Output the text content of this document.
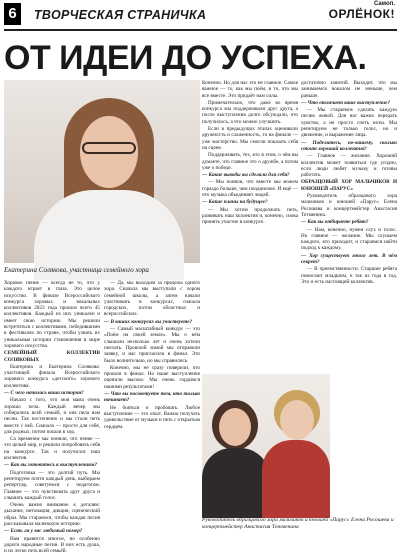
6	ТВОРЧЕСКАЯ СТРАНИЧКА
Самоп.
ОРЛЁНОК!
ОТ ИДЕИ ДО УСПЕХА.
Екатерина Солякова, участница семейного хора

Хоровое пение — всегда не то, что у каждого играет в глаза. Это целое искусство. В финале Всероссийского конкурса хоровых и вокальных коллективов 2023 года прошло всего 45 коллективов. Каждый из них уникален и имеет свою историю. Мы решили встретиться с коллективами, победившими в фестивалях по стране, чтобы узнать их уникальные истории становления в мире хорового искусства.

СЕМЕЙНЫЙ КОЛЛЕКТИВ СОЛЯКОВЫХ

Екатерина и Екатерина Солякова: участницей финала Всероссийского хорового конкурса «детского» хорового коллектива.

— С чего началась ваша история?

Начало с того, что моя мама очень хорошо пела. Каждый вечер мы собирались всей семьёй, и она пела нам песни. Так постепенно и мы стали петь вместе с ней. Сначала — просто для себя, для родных, потом пошли в хор.

Со временем мы поняли, что пение — это целый мир, и решили попробовать себя на конкурсе. Так и получился наш коллектив.

— Как вы готовитесь к выступлениям?

Подготовка — это долгий путь. Мы репетируем почти каждый день, выбираем репертуар, советуемся с педагогом. Главное — это чувствовать друг друга и слышать каждый голос.

Очень важно внимание к деталям: дыхание, интонация, дикция, сценический образ. Мы стараемся, чтобы каждая песня рассказывала маленькую историю.

— Есть ли у вас любимый номер?

Нам нравится многое, но особенно дороги народные песни. В них есть душа, и их легко петь всей семьёй.

— Да, мы выходим за пределы одного хора. Сначала мы выступали с хором семейной школы, а затем начали участвовать в конкурсах, сначала городских, потом областных и всероссийских.

— В ваших конкурсах вы участвуете?

— Самый масштабный конкурс — это «Поём на своей земле». Мы о нём слышали несколько лет и очень хотели поехать. Прошлой зимой мы отправили заявку, и нас пригласили в финал. Это было волнительно, но мы справились.

Конечно, мы не сразу поверили, что прошли в финал. Но наше выступление оценили высоко. Мы очень гордимся нашими результатами!

— Что вы посоветуете тем, кто только начинает?

Не бояться и пробовать. Любое выступление — это опыт. Важно получать удовольствие от музыки и петь с открытым сердцем.

Конечно. Но для нас это не главное. Самое важное — то, как мы поём, и то, что мы все вместе. Это придаёт нам силы.

Примечательно, что даже во время конкурса мы поддерживали друг друга, а после выступления долго обсуждали, что получилось, а что можно улучшить.

Если в предыдущих этапах оценивали дружность и слаженность, то на финале — уже мастерство. Мы смогли показать себя на сцене.

Поддерживать, тех, кто в этом, о чём вы думаете, что главное это о дружбе, а потом уже о победе.

— Какие выводы вы сделали для себя?

— Мы поняли, что вместе мы можем гораздо больше, чем поодиночке. И ещё — что музыка объединяет людей.

— Какие планы на будущее?

— Мы хотим продолжать петь, развивать наш коллектив и, конечно, снова принять участие в конкурсе.

достаточно занятий. Выходит, что мы занимаемся вокалом не меньше, чем раньше.

— Что отличает ваше выступление?

— Мы стараемся сделать каждую песню живой. Для нас важно передать чувство, а не просто спеть ноты. Мы репетируем не только голос, но и движение, и выражение лица.

— Поделитесь, по-вашему, сколько стоит хороший коллектив?

— Главное — желание. Хороший коллектив может появиться где угодно, если люди любят музыку и готовы работать.

ОБРАЗЦОВЫЙ ХОР МАЛЬЧИКОВ И ЮНОШЕЙ «ПАРУС»

Руководитель образцового хора мальчиков и юношей «Парус» Елена Росошева и концертмейстер Анастасия Тотменина.

— Как вы отбираете ребят?

— Нам, конечно, нужен слух и голос. Но главное — желание. Мы слушаем каждого, кто приходит, и стараемся найти подход к каждому.

— Хор существует много лет. В чём секрет?

— В преемственности. Старшие ребята помогают младшим, и так из года в год. Это и есть настоящий коллектив.

Руководитель образцового хора мальчиков и юношей «Парус» Елена Росошева и концертмейстер Анастасия Тотменина
